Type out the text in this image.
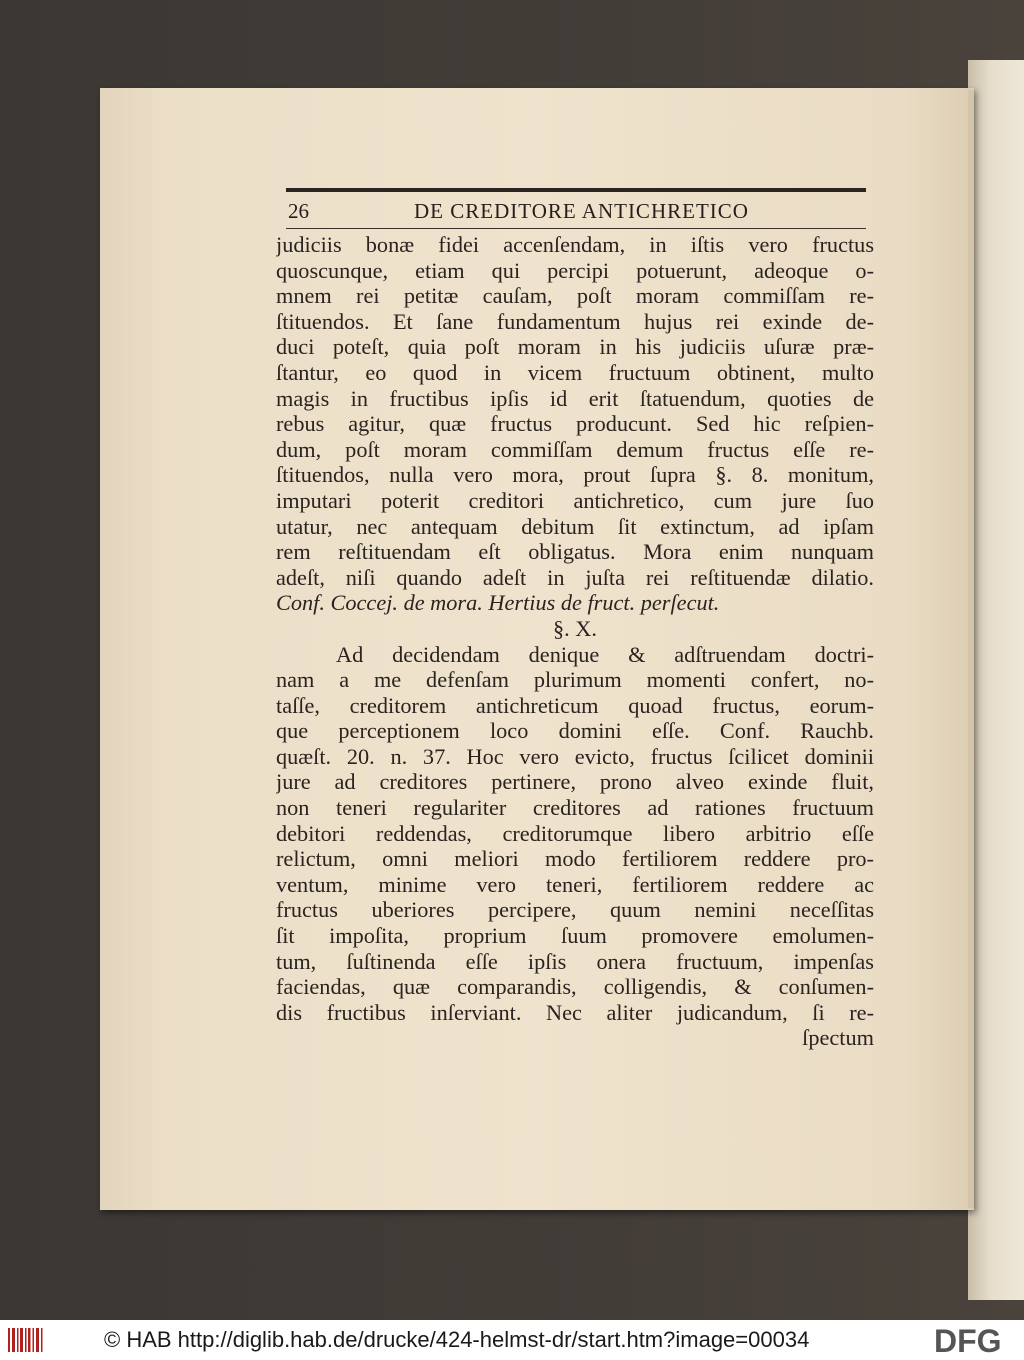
26	DE CREDITORE ANTICHRETICO
judiciis bonæ fidei accenſendam, in iſtis vero fructus
quoscunque, etiam qui percipi potuerunt, adeoque o-
mnem rei petitæ cauſam, poſt moram commiſſam re-
ſtituendos. Et ſane fundamentum hujus rei exinde de-
duci poteſt, quia poſt moram in his judiciis uſuræ præ-
ſtantur, eo quod in vicem fructuum obtinent, multo
magis in fructibus ipſis id erit ſtatuendum, quoties de
rebus agitur, quæ fructus producunt. Sed hic reſpien-
dum, poſt moram commiſſam demum fructus eſſe re-
ſtituendos, nulla vero mora, prout ſupra §. 8. monitum,
imputari poterit creditori antichretico, cum jure ſuo
utatur, nec antequam debitum ſit extinctum, ad ipſam
rem reſtituendam eſt obligatus. Mora enim nunquam
adeſt, niſi quando adeſt in juſta rei reſtituendæ dilatio.
Conf. Coccej. de mora. Hertius de fruct. perſecut.
§. X.
Ad decidendam denique & adſtruendam doctri-
nam a me defenſam plurimum momenti confert, no-
taſſe, creditorem antichreticum quoad fructus, eorum-
que perceptionem loco domini eſſe. Conf. Rauchb.
quæſt. 20. n. 37. Hoc vero evicto, fructus ſcilicet dominii
jure ad creditores pertinere, prono alveo exinde fluit,
non teneri regulariter creditores ad rationes fructuum
debitori reddendas, creditorumque libero arbitrio eſſe
relictum, omni meliori modo fertiliorem reddere pro-
ventum, minime vero teneri, fertiliorem reddere ac
fructus uberiores percipere, quum nemini neceſſitas
ſit impoſita, proprium ſuum promovere emolumen-
tum, ſuſtinenda eſſe ipſis onera fructuum, impenſas
faciendas, quæ comparandis, colligendis, & conſumen-
dis fructibus inſerviant. Nec aliter judicandum, ſi re-
ſpectum
© HAB http://diglib.hab.de/drucke/424-helmst-dr/start.htm?image=00034	DFG
